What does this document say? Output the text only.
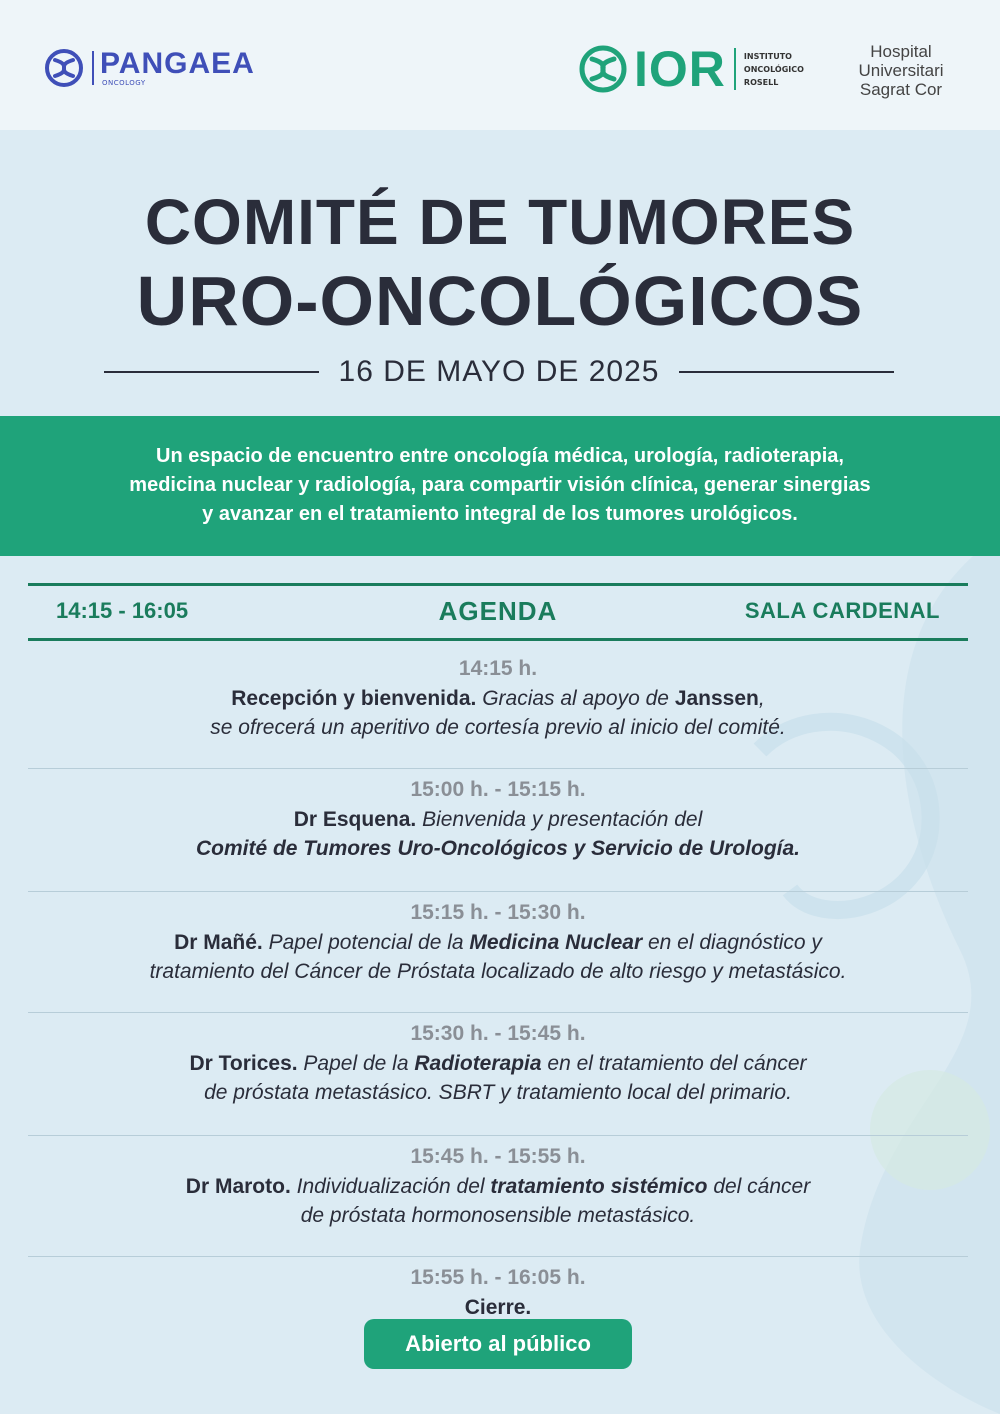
PANGAEA
ONCOLOGY	IOR INSTITUTO
ONCOLÓGICO
ROSELL
Hospital
Universitari
Sagrat Cor
COMITÉ DE TUMORES
URO-ONCOLÓGICOS
16 DE MAYO DE 2025

Un espacio de encuentro entre oncología médica, urología, radioterapia,
medicina nuclear y radiología, para compartir visión clínica, generar sinergias
y avanzar en el tratamiento integral de los tumores urológicos.

AGENDA
14:15 - 16:05	SALA CARDENAL
14:15 h.
Recepción y bienvenida. Gracias al apoyo de Janssen,
se ofrecerá un aperitivo de cortesía previo al inicio del comité.
15:00 h. - 15:15 h.
Dr Esquena. Bienvenida y presentación del
Comité de Tumores Uro-Oncológicos y Servicio de Urología.
15:15 h. - 15:30 h.
Dr Mañé. Papel potencial de la Medicina Nuclear en el diagnóstico y
tratamiento del Cáncer de Próstata localizado de alto riesgo y metastásico.
15:30 h. - 15:45 h.
Dr Torices. Papel de la Radioterapia en el tratamiento del cáncer
de próstata metastásico. SBRT y tratamiento local del primario.
15:45 h. - 15:55 h.
Dr Maroto. Individualización del tratamiento sistémico del cáncer
de próstata hormonosensible metastásico.
15:55 h. - 16:05 h.
Cierre.
Abierto al público
